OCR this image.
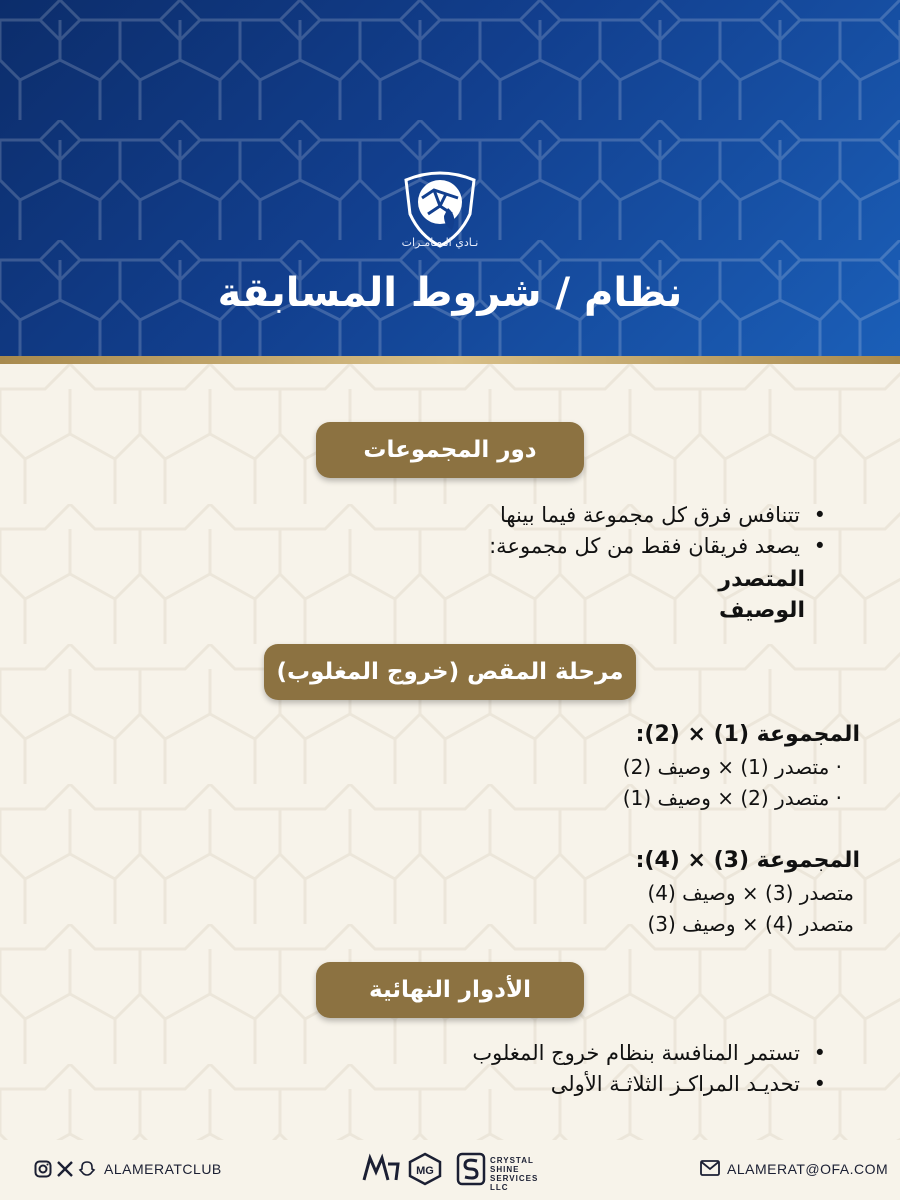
نـادي الـعـامـرات
نظام / شروط المسابقة
دور المجموعات
• تتنافس فرق كل مجموعة فيما بينها
• يصعد فريقان فقط من كل مجموعة:
المتصدر
الوصيف
مرحلة المقص (خروج المغلوب)
المجموعة (1) × (2):
· متصدر (1) × وصيف (2)
· متصدر (2) × وصيف (1)
المجموعة (3) × (4):
متصدر (3) × وصيف (4)
متصدر (4) × وصيف (3)
الأدوار النهائية
• تستمر المنافسة بنظام خروج المغلوب
• تحديـد المراكـز الثلاثـة الأولى
ALAMERATCLUB	MG
CRYSTAL SHINE SERVICES LLC
ALAMERAT@OFA.COM
